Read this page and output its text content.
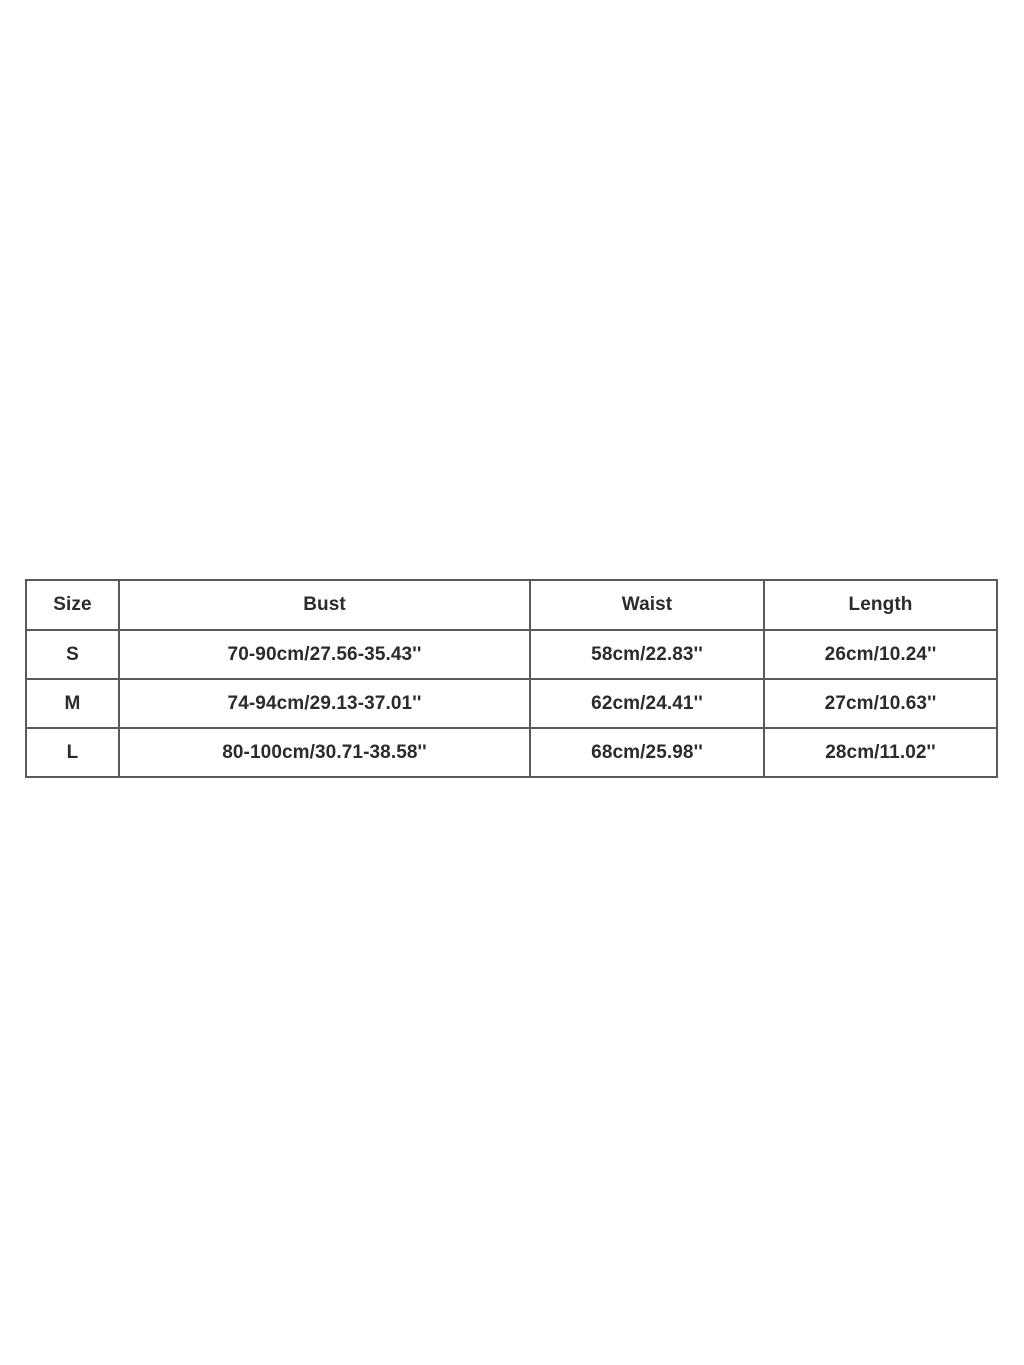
Size	Bust	Waist	Length
S	70-90cm/27.56-35.43''	58cm/22.83''	26cm/10.24''
M	74-94cm/29.13-37.01''	62cm/24.41''	27cm/10.63''
L	80-100cm/30.71-38.58''	68cm/25.98''	28cm/11.02''
